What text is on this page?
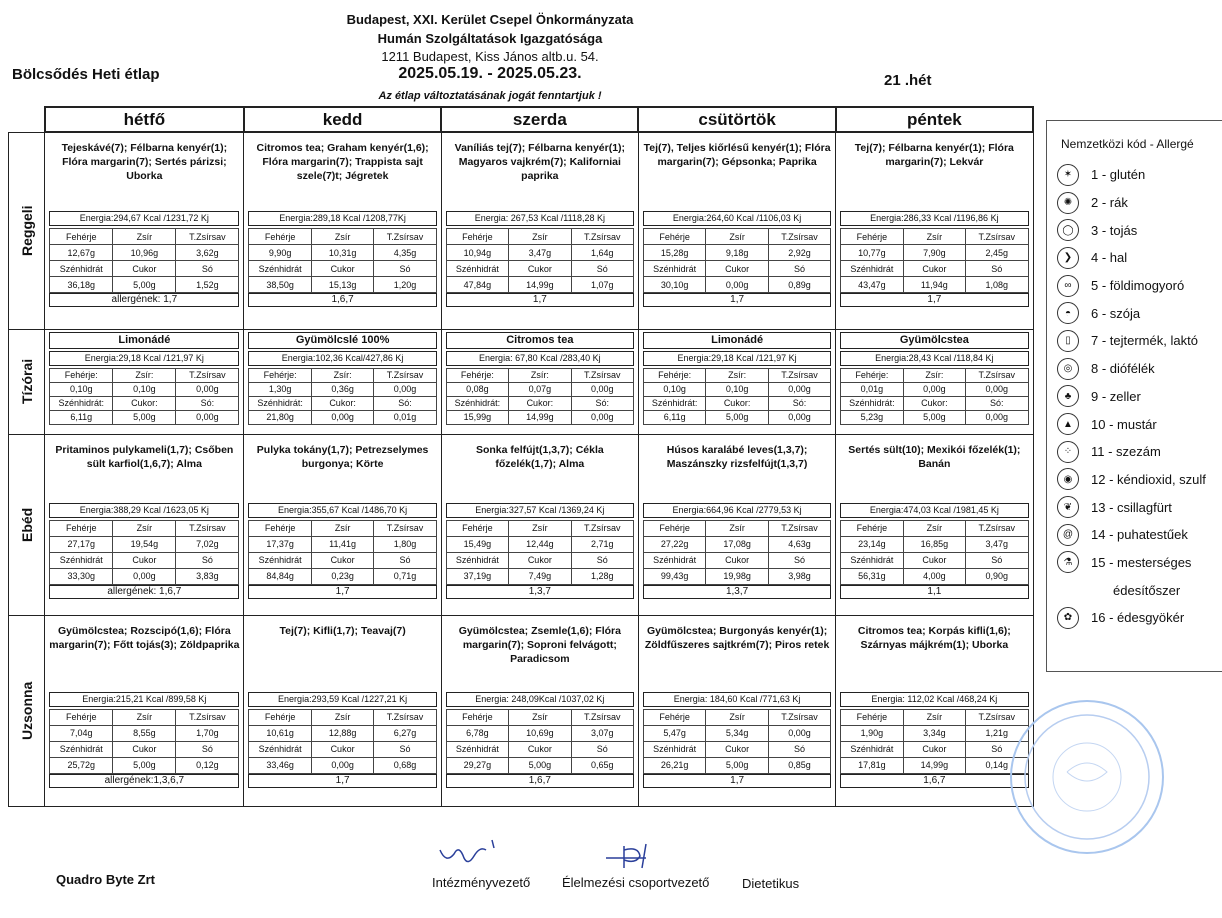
Budapest, XXI. Kerület Csepel Önkormányzata
Humán Szolgáltatások Igazgatósága
1211 Budapest, Kiss János altb.u. 54.
2025.05.19. - 2025.05.23.
Az étlap változtatásának jogát fenntartjuk !
Bölcsődés Heti étlap	21 .hét
	hétfő	kedd	szerda	csütörtök	péntek
Reggeli	
Tejeskávé(7); Félbarna kenyér(1); Flóra margarin(7); Sertés párizsi; Uborka
Energia:294,67 Kcal /1231,72 Kj
Fehérje	Zsír	T.Zsírsav
12,67g	10,96g	3,62g
Szénhidrát	Cukor	Só
36,18g	5,00g	1,52g
allergének: 1,7

Citromos tea; Graham kenyér(1,6); Flóra margarin(7); Trappista sajt szele(7)t; Jégretek
Energia:289,18 Kcal /1208,77Kj
Fehérje	Zsír	T.Zsírsav
9,90g	10,31g	4,35g
Szénhidrát	Cukor	Só
38,50g	15,13g	1,20g
1,6,7

Vaníliás tej(7); Félbarna kenyér(1); Magyaros vajkrém(7); Kaliforniai paprika
Energia: 267,53 Kcal /1118,28 Kj
Fehérje	Zsír	T.Zsírsav
10,94g	3,47g	1,64g
Szénhidrát	Cukor	Só
47,84g	14,99g	1,07g
1,7

Tej(7), Teljes kiőrlésű kenyér(1); Flóra margarin(7); Gépsonka; Paprika
Energia:264,60 Kcal /1106,03 Kj
Fehérje	Zsír	T.Zsírsav
15,28g	9,18g	2,92g
Szénhidrát	Cukor	Só
30,10g	0,00g	0,89g
1,7

Tej(7); Félbarna kenyér(1); Flóra margarin(7); Lekvár
Energia:286,33 Kcal /1196,86 Kj
Fehérje	Zsír	T.Zsírsav
10,77g	7,90g	2,45g
Szénhidrát	Cukor	Só
43,47g	11,94g	1,08g
1,7

Tízórai	
Limonádé
Energia:29,18 Kcal /121,97 Kj
Fehérje:	Zsír:	T.Zsírsav
0,10g	0,10g	0,00g
Szénhidrát:	Cukor:	Só:
6,11g	5,00g	0,00g

Gyümölcslé 100%
Energia:102,36 Kcal/427,86 Kj
Fehérje:	Zsír:	T.Zsírsav
1,30g	0,36g	0,00g
Szénhidrát:	Cukor:	Só:
21,80g	0,00g	0,01g

Citromos tea
Energia: 67,80 Kcal /283,40 Kj
Fehérje:	Zsír:	T.Zsírsav
0,08g	0,07g	0,00g
Szénhidrát:	Cukor:	Só:
15,99g	14,99g	0,00g

Limonádé
Energia:29,18 Kcal /121,97 Kj
Fehérje:	Zsír:	T.Zsírsav
0,10g	0,10g	0,00g
Szénhidrát:	Cukor:	Só:
6,11g	5,00g	0,00g

Gyümölcstea
Energia:28,43 Kcal /118,84 Kj
Fehérje:	Zsír:	T.Zsírsav
0,01g	0,00g	0,00g
Szénhidrát:	Cukor:	Só:
5,23g	5,00g	0,00g

Ebéd	
Pritaminos pulykameli(1,7); Csőben sült karfiol(1,6,7); Alma
Energia:388,29 Kcal /1623,05 Kj
Fehérje	Zsír	T.Zsírsav
27,17g	19,54g	7,02g
Szénhidrát	Cukor	Só
33,30g	0,00g	3,83g
allergének: 1,6,7

Pulyka tokány(1,7); Petrezselymes burgonya; Körte
Energia:355,67 Kcal /1486,70 Kj
Fehérje	Zsír	T.Zsírsav
17,37g	11,41g	1,80g
Szénhidrát	Cukor	Só
84,84g	0,23g	0,71g
1,7

Sonka felfújt(1,3,7); Cékla főzelék(1,7); Alma
Energia:327,57 Kcal /1369,24 Kj
Fehérje	Zsír	T.Zsírsav
15,49g	12,44g	2,71g
Szénhidrát	Cukor	Só
37,19g	7,49g	1,28g
1,3,7

Húsos karalábé leves(1,3,7); Maszánszky rizsfelfújt(1,3,7)
Energia:664,96 Kcal /2779,53 Kj
Fehérje	Zsír	T.Zsírsav
27,22g	17,08g	4,63g
Szénhidrát	Cukor	Só
99,43g	19,98g	3,98g
1,3,7

Sertés sült(10); Mexikói főzelék(1); Banán
Energia:474,03 Kcal /1981,45 Kj
Fehérje	Zsír	T.Zsírsav
23,14g	16,85g	3,47g
Szénhidrát	Cukor	Só
56,31g	4,00g	0,90g
1,1

Uzsonna	
Gyümölcstea; Rozscipó(1,6); Flóra margarin(7); Főtt tojás(3); Zöldpaprika
Energia:215,21 Kcal /899,58 Kj
Fehérje	Zsír	T.Zsírsav
7,04g	8,55g	1,70g
Szénhidrát	Cukor	Só
25,72g	5,00g	0,12g
allergének:1,3,6,7

Tej(7); Kifli(1,7); Teavaj(7)
Energia:293,59 Kcal /1227,21 Kj
Fehérje	Zsír	T.Zsírsav
10,61g	12,88g	6,27g
Szénhidrát	Cukor	Só
33,46g	0,00g	0,68g
1,7

Gyümölcstea; Zsemle(1,6); Flóra margarin(7); Soproni felvágott; Paradicsom
Energia: 248,09Kcal /1037,02 Kj
Fehérje	Zsír	T.Zsírsav
6,78g	10,69g	3,07g
Szénhidrát	Cukor	Só
29,27g	5,00g	0,65g
1,6,7

Gyümölcstea; Burgonyás kenyér(1); Zöldfűszeres sajtkrém(7); Piros retek
Energia: 184,60 Kcal /771,63 Kj
Fehérje	Zsír	T.Zsírsav
5,47g	5,34g	0,00g
Szénhidrát	Cukor	Só
26,21g	5,00g	0,85g
1,7

Citromos tea; Korpás kifli(1,6); Szárnyas májkrém(1); Uborka
Energia: 112,02 Kcal /468,24 Kj
Fehérje	Zsír	T.Zsírsav
1,90g	3,34g	1,21g
Szénhidrát	Cukor	Só
17,81g	14,99g	0,14g
1,6,7
Nemzetközi kód - Allergé
✶	1 - glutén
✺	2 - rák
◯	3 - tojás
❯	4 - hal
∞	5 - földimogyoró
◓	6 - szója
▯	7 - tejtermék, laktó
◎	8 - diófélék
♣	9 - zeller
▲	10 - mustár
⁘	11 - szezám
◉	12 - kéndioxid, szulf
❦	13 - csillagfürt
@	14 - puhatestűek
⚗	15 - mesterséges
édesítőszer
✿	16 - édesgyökér
Quadro Byte Zrt	Intézményvezető Élelmezési csoportvezető	Dietetikus
